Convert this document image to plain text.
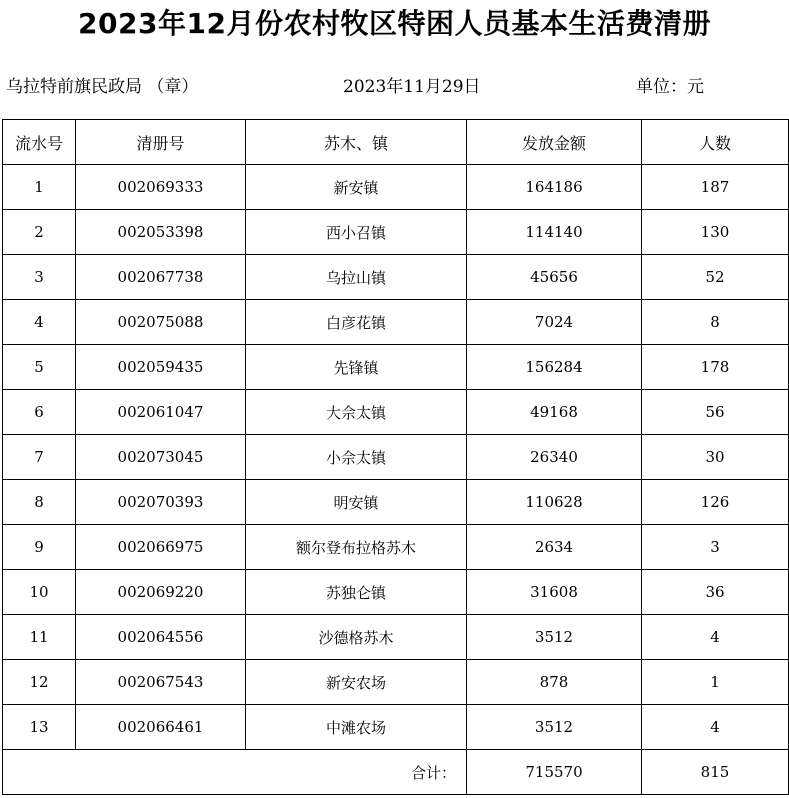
2023年12月份农村牧区特困人员基本生活费清册
乌拉特前旗民政局 （章）	2023年11月29日	单位：元
流水号	清册号	苏木、镇	发放金额	人数
1	002069333	新安镇	164186	187
2	002053398	西小召镇	114140	130
3	002067738	乌拉山镇	45656	52
4	002075088	白彦花镇	7024	8
5	002059435	先锋镇	156284	178
6	002061047	大佘太镇	49168	56
7	002073045	小佘太镇	26340	30
8	002070393	明安镇	110628	126
9	002066975	额尔登布拉格苏木	2634	3
10	002069220	苏独仑镇	31608	36
11	002064556	沙德格苏木	3512	4
12	002067543	新安农场	878	1
13	002066461	中滩农场	3512	4
合计：			715570	815
